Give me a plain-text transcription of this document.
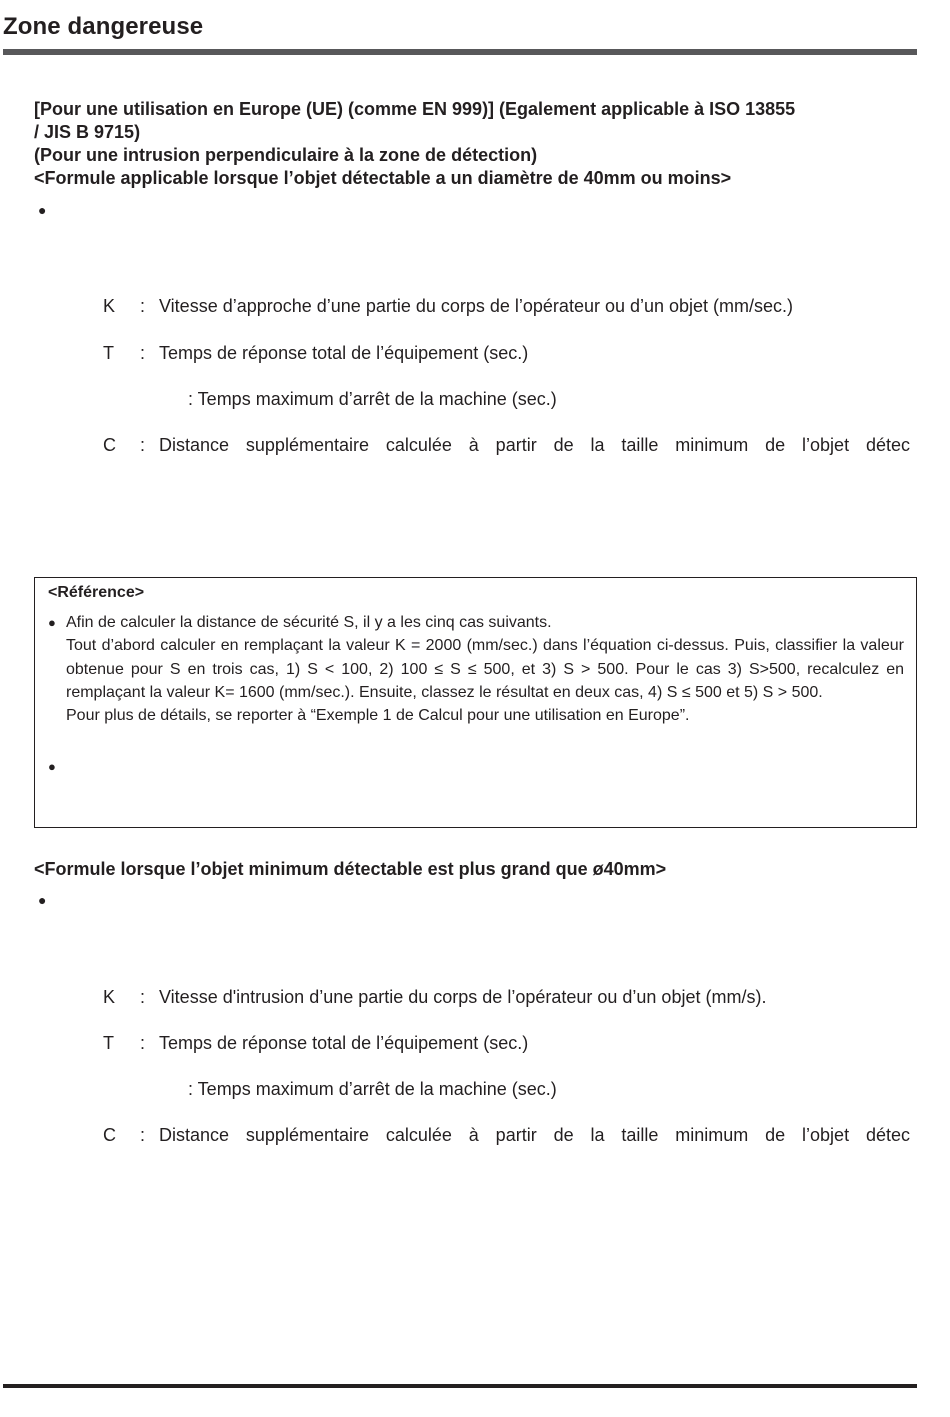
Zone dangereuse
[Pour une utilisation en Europe (UE) (comme EN 999)] (Egalement applicable à ISO 13855
/ JIS B 9715)
(Pour une intrusion perpendiculaire à la zone de détection)
<Formule applicable lorsque l’objet détectable a un diamètre de 40mm ou moins>
●
K : Vitesse d’approche d’une partie du corps de l’opérateur ou d’un objet (mm/sec.)
T : Temps de réponse total de l’équipement (sec.)
: Temps maximum d’arrêt de la machine (sec.)
C : Distance supplémentaire calculée à partir de la taille minimum de l’objet détec
<Référence>
● Afin de calculer la distance de sécurité S, il y a les cinq cas suivants.

Tout d’abord calculer en remplaçant la valeur K = 2000 (mm/sec.) dans l’équation ci-dessus. Puis, classifier la valeur obtenue pour S en trois cas, 1) S < 100, 2) 100 ≤ S ≤ 500, et 3) S > 500. Pour le cas 3) S>500, recalculez en remplaçant la valeur K= 1600 (mm/sec.). Ensuite, classez le résultat en deux cas, 4) S ≤ 500 et 5) S > 500.

Pour plus de détails, se reporter à “Exemple 1 de Calcul pour une utilisation en Europe”.

●
<Formule lorsque l’objet minimum détectable est plus grand que ø40mm>
●
K : Vitesse d'intrusion d’une partie du corps de l’opérateur ou d’un objet (mm/s).
T : Temps de réponse total de l’équipement (sec.)
: Temps maximum d’arrêt de la machine (sec.)
C : Distance supplémentaire calculée à partir de la taille minimum de l’objet détec
